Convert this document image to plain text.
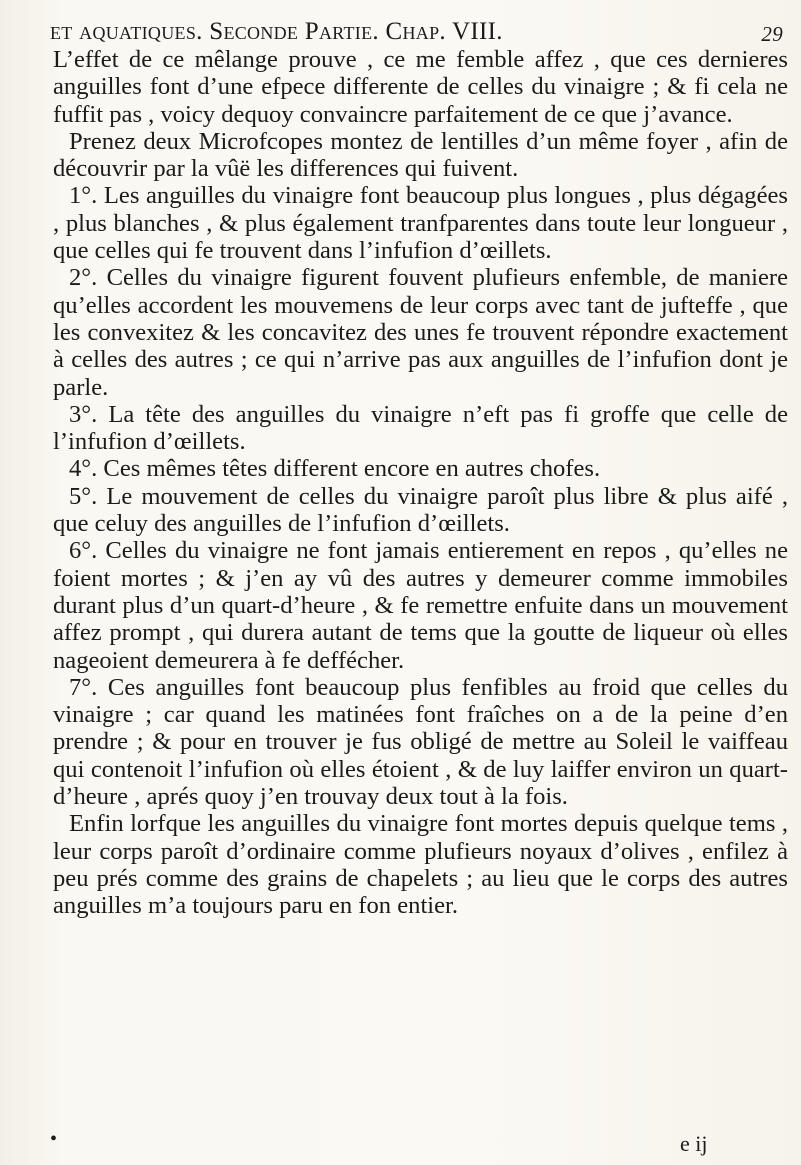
et aquatiques. Seconde Partie. Chap. VIII.	29

L’effet de ce mêlange prouve , ce me femble affez , que ces dernieres anguilles font d’une efpece differente de celles du vinaigre ; & fi cela ne fuffit pas , voicy dequoy convaincre parfaitement de ce que j’avance.

Prenez deux Microfcopes montez de lentilles d’un même foyer , afin de découvrir par la vûë les differences qui fuivent.

1°. Les anguilles du vinaigre font beaucoup plus longues , plus dégagées , plus blanches , & plus également tranfparentes dans toute leur longueur , que celles qui fe trouvent dans l’infufion d’œillets.

2°. Celles du vinaigre figurent fouvent plufieurs enfemble, de maniere qu’elles accordent les mouvemens de leur corps avec tant de jufteffe , que les convexitez & les concavitez des unes fe trouvent répondre exactement à celles des autres ; ce qui n’arrive pas aux anguilles de l’infufion dont je parle.

3°. La tête des anguilles du vinaigre n’eft pas fi groffe que celle de l’infufion d’œillets.

4°. Ces mêmes têtes different encore en autres chofes.

5°. Le mouvement de celles du vinaigre paroît plus libre & plus aifé , que celuy des anguilles de l’infufion d’œillets.

6°. Celles du vinaigre ne font jamais entierement en repos , qu’elles ne foient mortes ; & j’en ay vû des autres y demeurer comme immobiles durant plus d’un quart-d’heure , & fe remettre enfuite dans un mouvement affez prompt , qui durera autant de tems que la goutte de liqueur où elles nageoient demeurera à fe deffécher.

7°. Ces anguilles font beaucoup plus fenfibles au froid que celles du vinaigre ; car quand les matinées font fraîches on a de la peine d’en prendre ; & pour en trouver je fus obligé de mettre au Soleil le vaiffeau qui contenoit l’infufion où elles étoient , & de luy laiffer environ un quart-d’heure , aprés quoy j’en trouvay deux tout à la fois.

Enfin lorfque les anguilles du vinaigre font mortes depuis quelque tems , leur corps paroît d’ordinaire comme plufieurs noyaux d’olives , enfilez à peu prés comme des grains de chapelets ; au lieu que le corps des autres anguilles m’a toujours paru en fon entier.

•	e ij
